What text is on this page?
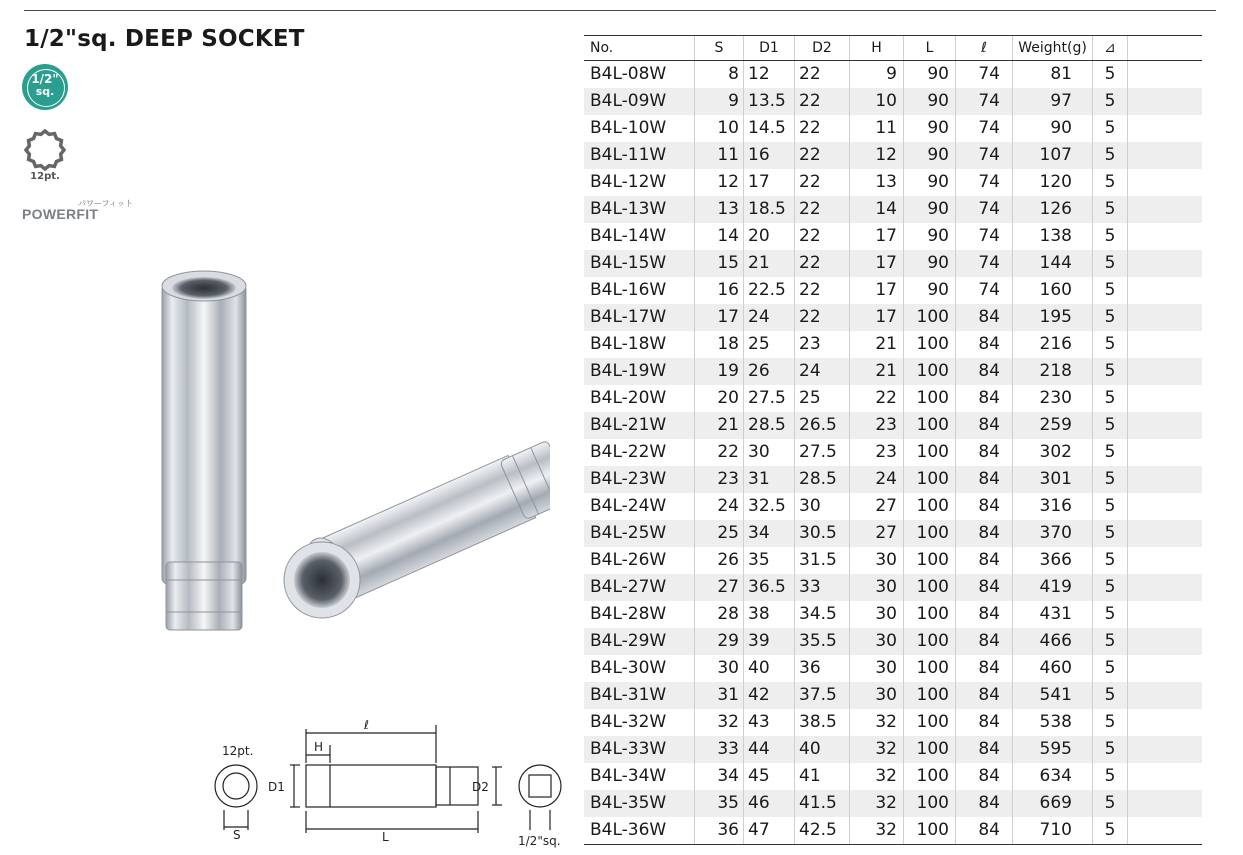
1/2"sq. DEEP SOCKET
1/2"
sq.
12pt.
パワーフィット
POWERFIT
12pt.
D1
S
H
ℓ
L
D2
1/2"sq.
No.	S	D1	D2	H	L	ℓ	Weight(g)	⊿	
B4L-08W	8	12	22	9	90	74	81	5	
B4L-09W	9	13.5	22	10	90	74	97	5	
B4L-10W	10	14.5	22	11	90	74	90	5	
B4L-11W	11	16	22	12	90	74	107	5	
B4L-12W	12	17	22	13	90	74	120	5	
B4L-13W	13	18.5	22	14	90	74	126	5	
B4L-14W	14	20	22	17	90	74	138	5	
B4L-15W	15	21	22	17	90	74	144	5	
B4L-16W	16	22.5	22	17	90	74	160	5	
B4L-17W	17	24	22	17	100	84	195	5	
B4L-18W	18	25	23	21	100	84	216	5	
B4L-19W	19	26	24	21	100	84	218	5	
B4L-20W	20	27.5	25	22	100	84	230	5	
B4L-21W	21	28.5	26.5	23	100	84	259	5	
B4L-22W	22	30	27.5	23	100	84	302	5	
B4L-23W	23	31	28.5	24	100	84	301	5	
B4L-24W	24	32.5	30	27	100	84	316	5	
B4L-25W	25	34	30.5	27	100	84	370	5	
B4L-26W	26	35	31.5	30	100	84	366	5	
B4L-27W	27	36.5	33	30	100	84	419	5	
B4L-28W	28	38	34.5	30	100	84	431	5	
B4L-29W	29	39	35.5	30	100	84	466	5	
B4L-30W	30	40	36	30	100	84	460	5	
B4L-31W	31	42	37.5	30	100	84	541	5	
B4L-32W	32	43	38.5	32	100	84	538	5	
B4L-33W	33	44	40	32	100	84	595	5	
B4L-34W	34	45	41	32	100	84	634	5	
B4L-35W	35	46	41.5	32	100	84	669	5	
B4L-36W	36	47	42.5	32	100	84	710	5	
